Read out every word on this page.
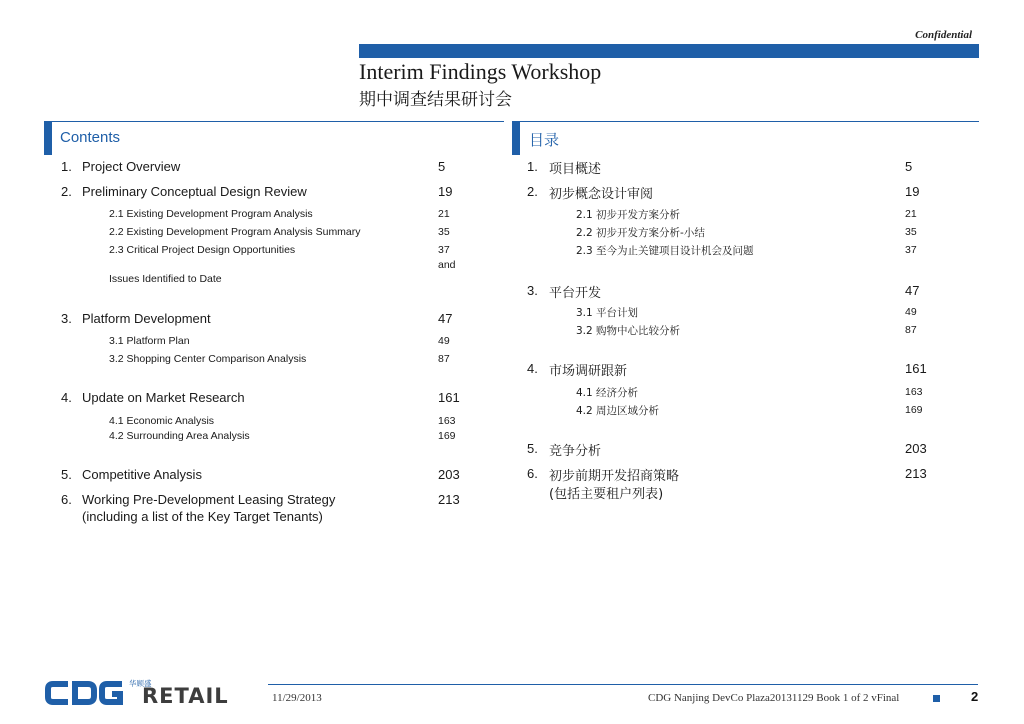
Confidential
Interim Findings Workshop
期中调查结果研讨会
Contents	目录
1. Project Overview	5
2. Preliminary Conceptual Design Review	19
2.1 Existing Development Program Analysis	21
2.2 Existing Development Program Analysis Summary	35
2.3 Critical Project Design Opportunities	37
and
Issues Identified to Date
3. Platform Development	47
3.1 Platform Plan	49
3.2 Shopping Center Comparison Analysis	87
4. Update on Market Research	161
4.1 Economic Analysis	163
4.2 Surrounding Area Analysis	169
5. Competitive Analysis	203
6. Working Pre-Development Leasing Strategy	213
(including a list of the Key Target Tenants)
1. 项目概述	5
2. 初步概念设计审阅	19
2.1 初步开发方案分析	21
2.2 初步开发方案分析-小结	35
2.3 至今为止关键项目设计机会及问题	37
3. 平台开发	47
3.1 平台计划	49
3.2 购物中心比较分析	87
4. 市场调研跟新	161
4.1 经济分析	163
4.2 周边区域分析	169
5. 竞争分析	203
6. 初步前期开发招商策略	213
(包括主要租户列表)
华顾盛
RETAIL	11/29/2013	CDG Nanjing DevCo Plaza20131129 Book 1 of 2 vFinal	2
